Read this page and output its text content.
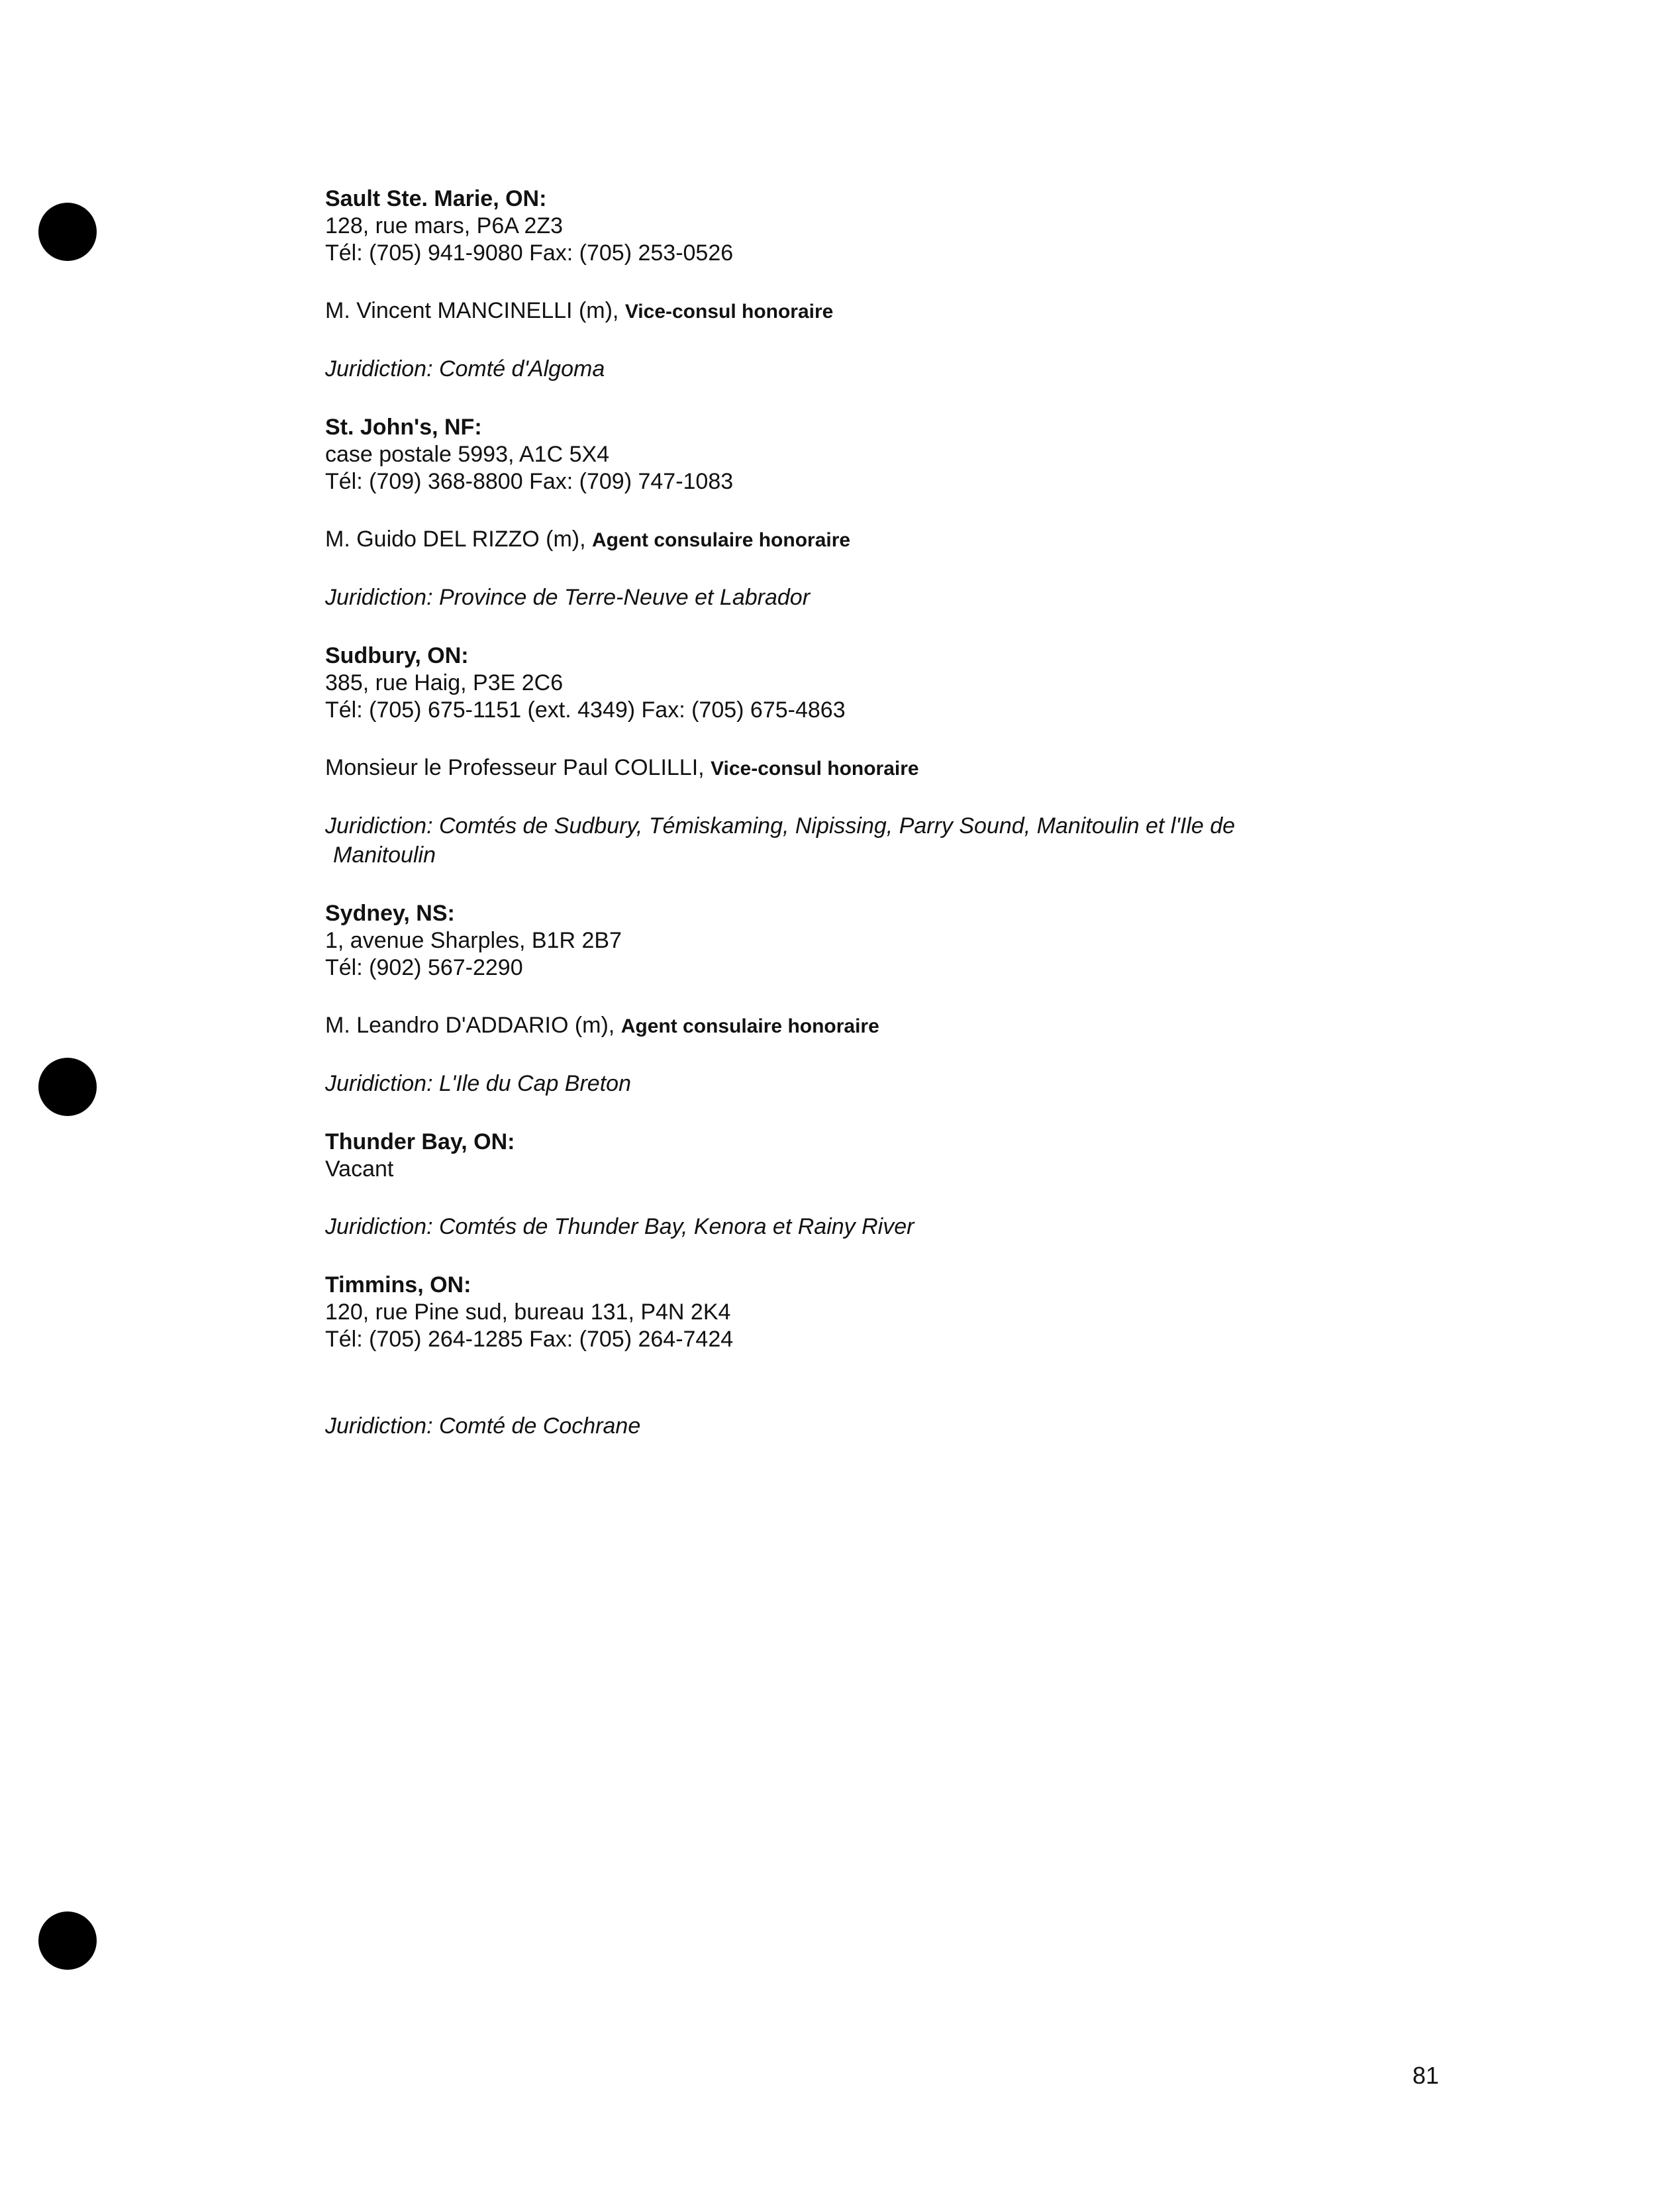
Sault Ste. Marie, ON:
128, rue mars, P6A 2Z3
Tél: (705) 941-9080 Fax: (705) 253-0526
M. Vincent MANCINELLI (m), Vice-consul honoraire
Juridiction: Comté d'Algoma
St. John's, NF:
case postale 5993, A1C 5X4
Tél: (709) 368-8800 Fax: (709) 747-1083
M. Guido DEL RIZZO (m), Agent consulaire honoraire
Juridiction: Province de Terre-Neuve et Labrador
Sudbury, ON:
385, rue Haig, P3E 2C6
Tél: (705) 675-1151 (ext. 4349) Fax: (705) 675-4863
Monsieur le Professeur Paul COLILLI, Vice-consul honoraire
Juridiction: Comtés de Sudbury, Témiskaming, Nipissing, Parry Sound, Manitoulin et l'Ile de
Manitoulin
Sydney, NS:
1, avenue Sharples, B1R 2B7
Tél: (902) 567-2290
M. Leandro D'ADDARIO (m), Agent consulaire honoraire
Juridiction: L'Ile du Cap Breton
Thunder Bay, ON:
Vacant
Juridiction: Comtés de Thunder Bay, Kenora et Rainy River
Timmins, ON:
120, rue Pine sud, bureau 131, P4N 2K4
Tél: (705) 264-1285 Fax: (705) 264-7424
Juridiction: Comté de Cochrane
81
